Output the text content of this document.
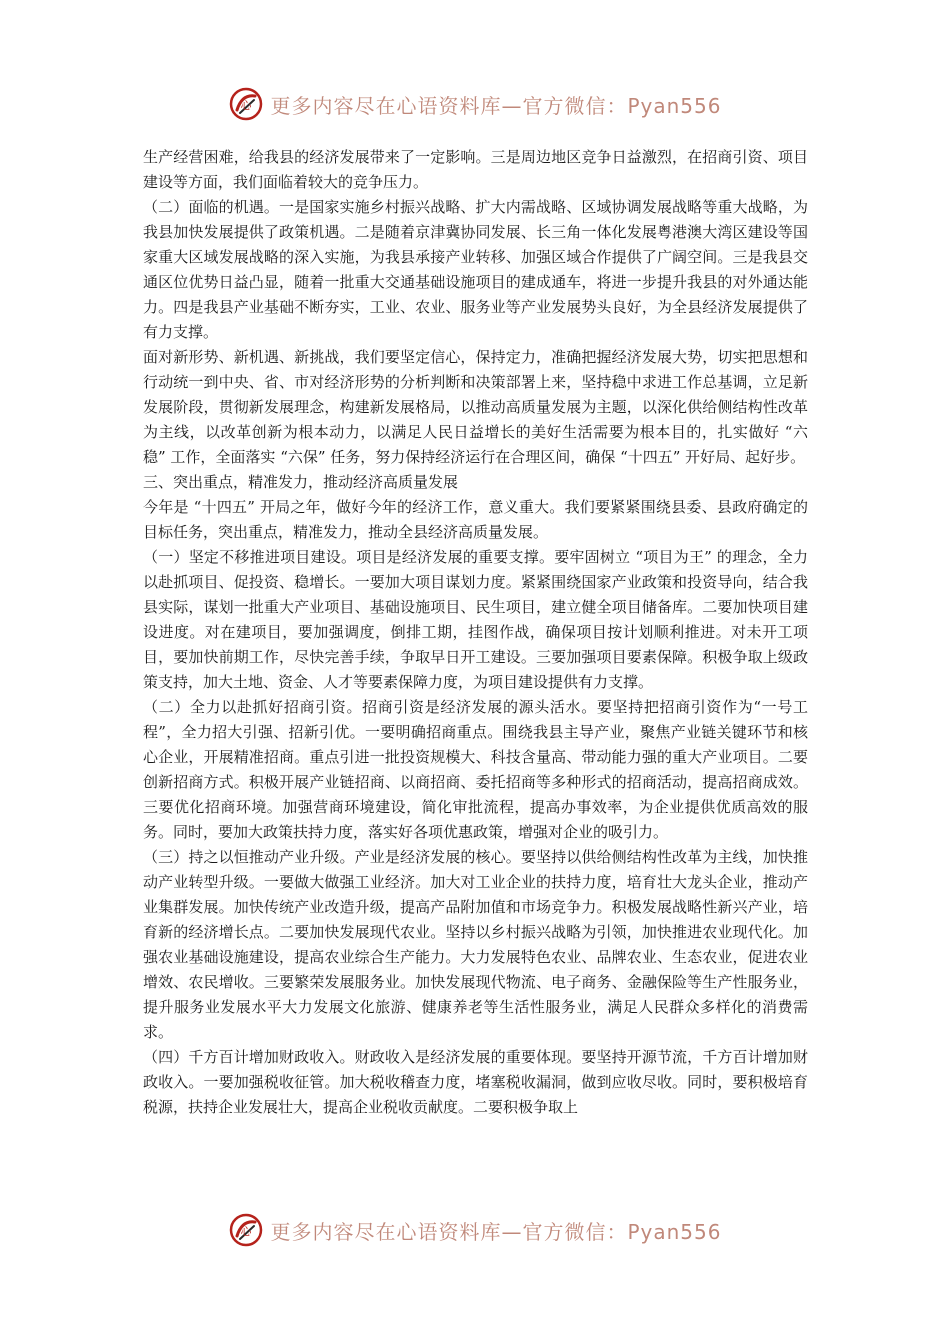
心 更多内容尽在心语资料库—官方微信：Pyan556

生产经营困难，给我县的经济发展带来了一定影响。三是周边地区竞争日益激烈，在招商引资、项目建设等方面，我们面临着较大的竞争压力。

（二）面临的机遇。一是国家实施乡村振兴战略、扩大内需战略、区域协调发展战略等重大战略，为我县加快发展提供了政策机遇。二是随着京津冀协同发展、长三角一体化发展粤港澳大湾区建设等国家重大区域发展战略的深入实施，为我县承接产业转移、加强区域合作提供了广阔空间。三是我县交通区位优势日益凸显，随着一批重大交通基础设施项目的建成通车，将进一步提升我县的对外通达能力。四是我县产业基础不断夯实，工业、农业、服务业等产业发展势头良好，为全县经济发展提供了有力支撑。

面对新形势、新机遇、新挑战，我们要坚定信心，保持定力，准确把握经济发展大势，切实把思想和行动统一到中央、省、市对经济形势的分析判断和决策部署上来，坚持稳中求进工作总基调，立足新发展阶段，贯彻新发展理念，构建新发展格局，以推动高质量发展为主题，以深化供给侧结构性改革为主线，以改革创新为根本动力，以满足人民日益增长的美好生活需要为根本目的，扎实做好 “六稳” 工作，全面落实 “六保” 任务，努力保持经济运行在合理区间，确保 “十四五” 开好局、起好步。

三、突出重点，精准发力，推动经济高质量发展

今年是 “十四五” 开局之年，做好今年的经济工作，意义重大。我们要紧紧围绕县委、县政府确定的目标任务，突出重点，精准发力，推动全县经济高质量发展。

（一）坚定不移推进项目建设。项目是经济发展的重要支撑。要牢固树立 “项目为王” 的理念，全力以赴抓项目、促投资、稳增长。一要加大项目谋划力度。紧紧围绕国家产业政策和投资导向，结合我县实际，谋划一批重大产业项目、基础设施项目、民生项目，建立健全项目储备库。二要加快项目建设进度。对在建项目，要加强调度，倒排工期，挂图作战，确保项目按计划顺利推进。对未开工项目，要加快前期工作，尽快完善手续，争取早日开工建设。三要加强项目要素保障。积极争取上级政策支持，加大土地、资金、人才等要素保障力度，为项目建设提供有力支撑。

（二）全力以赴抓好招商引资。招商引资是经济发展的源头活水。要坚持把招商引资作为“一号工程”，全力招大引强、招新引优。一要明确招商重点。围绕我县主导产业，聚焦产业链关键环节和核心企业，开展精准招商。重点引进一批投资规模大、科技含量高、带动能力强的重大产业项目。二要创新招商方式。积极开展产业链招商、以商招商、委托招商等多种形式的招商活动，提高招商成效。三要优化招商环境。加强营商环境建设，简化审批流程，提高办事效率，为企业提供优质高效的服务。同时，要加大政策扶持力度，落实好各项优惠政策，增强对企业的吸引力。

（三）持之以恒推动产业升级。产业是经济发展的核心。要坚持以供给侧结构性改革为主线，加快推动产业转型升级。一要做大做强工业经济。加大对工业企业的扶持力度，培育壮大龙头企业，推动产业集群发展。加快传统产业改造升级，提高产品附加值和市场竞争力。积极发展战略性新兴产业，培育新的经济增长点。二要加快发展现代农业。坚持以乡村振兴战略为引领，加快推进农业现代化。加强农业基础设施建设，提高农业综合生产能力。大力发展特色农业、品牌农业、生态农业，促进农业增效、农民增收。三要繁荣发展服务业。加快发展现代物流、电子商务、金融保险等生产性服务业，提升服务业发展水平大力发展文化旅游、健康养老等生活性服务业，满足人民群众多样化的消费需求。

（四）千方百计增加财政收入。财政收入是经济发展的重要体现。要坚持开源节流，千方百计增加财政收入。一要加强税收征管。加大税收稽查力度，堵塞税收漏洞，做到应收尽收。同时，要积极培育税源，扶持企业发展壮大，提高企业税收贡献度。二要积极争取上

心 更多内容尽在心语资料库—官方微信：Pyan556
